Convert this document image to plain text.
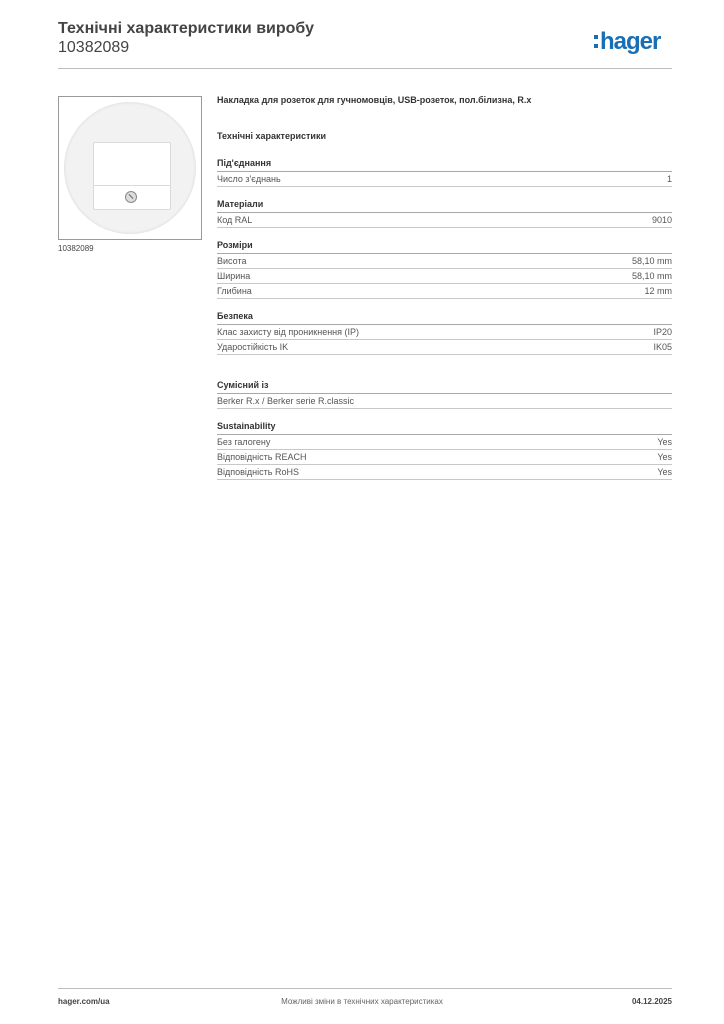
Технічні характеристики виробу
10382089	hager
10382089
Накладка для розеток для гучномовців, USB-розеток, пол.білизна, R.x
Технічні характеристики
Під'єднання
Число з'єднань	1
Матеріали
Код RAL	9010
Розміри
Висота	58,10 mm
Ширина	58,10 mm
Глибина	12 mm
Безпека
Клас захисту від проникнення (IP)	IP20
Ударостійкість IK	IK05
Сумісний із
Berker R.x / Berker serie R.classic
Sustainability
Без галогену	Yes
Відповідність REACH	Yes
Відповідність RoHS	Yes
hager.com/ua	Можливі зміни в технічних характеристиках	04.12.2025
